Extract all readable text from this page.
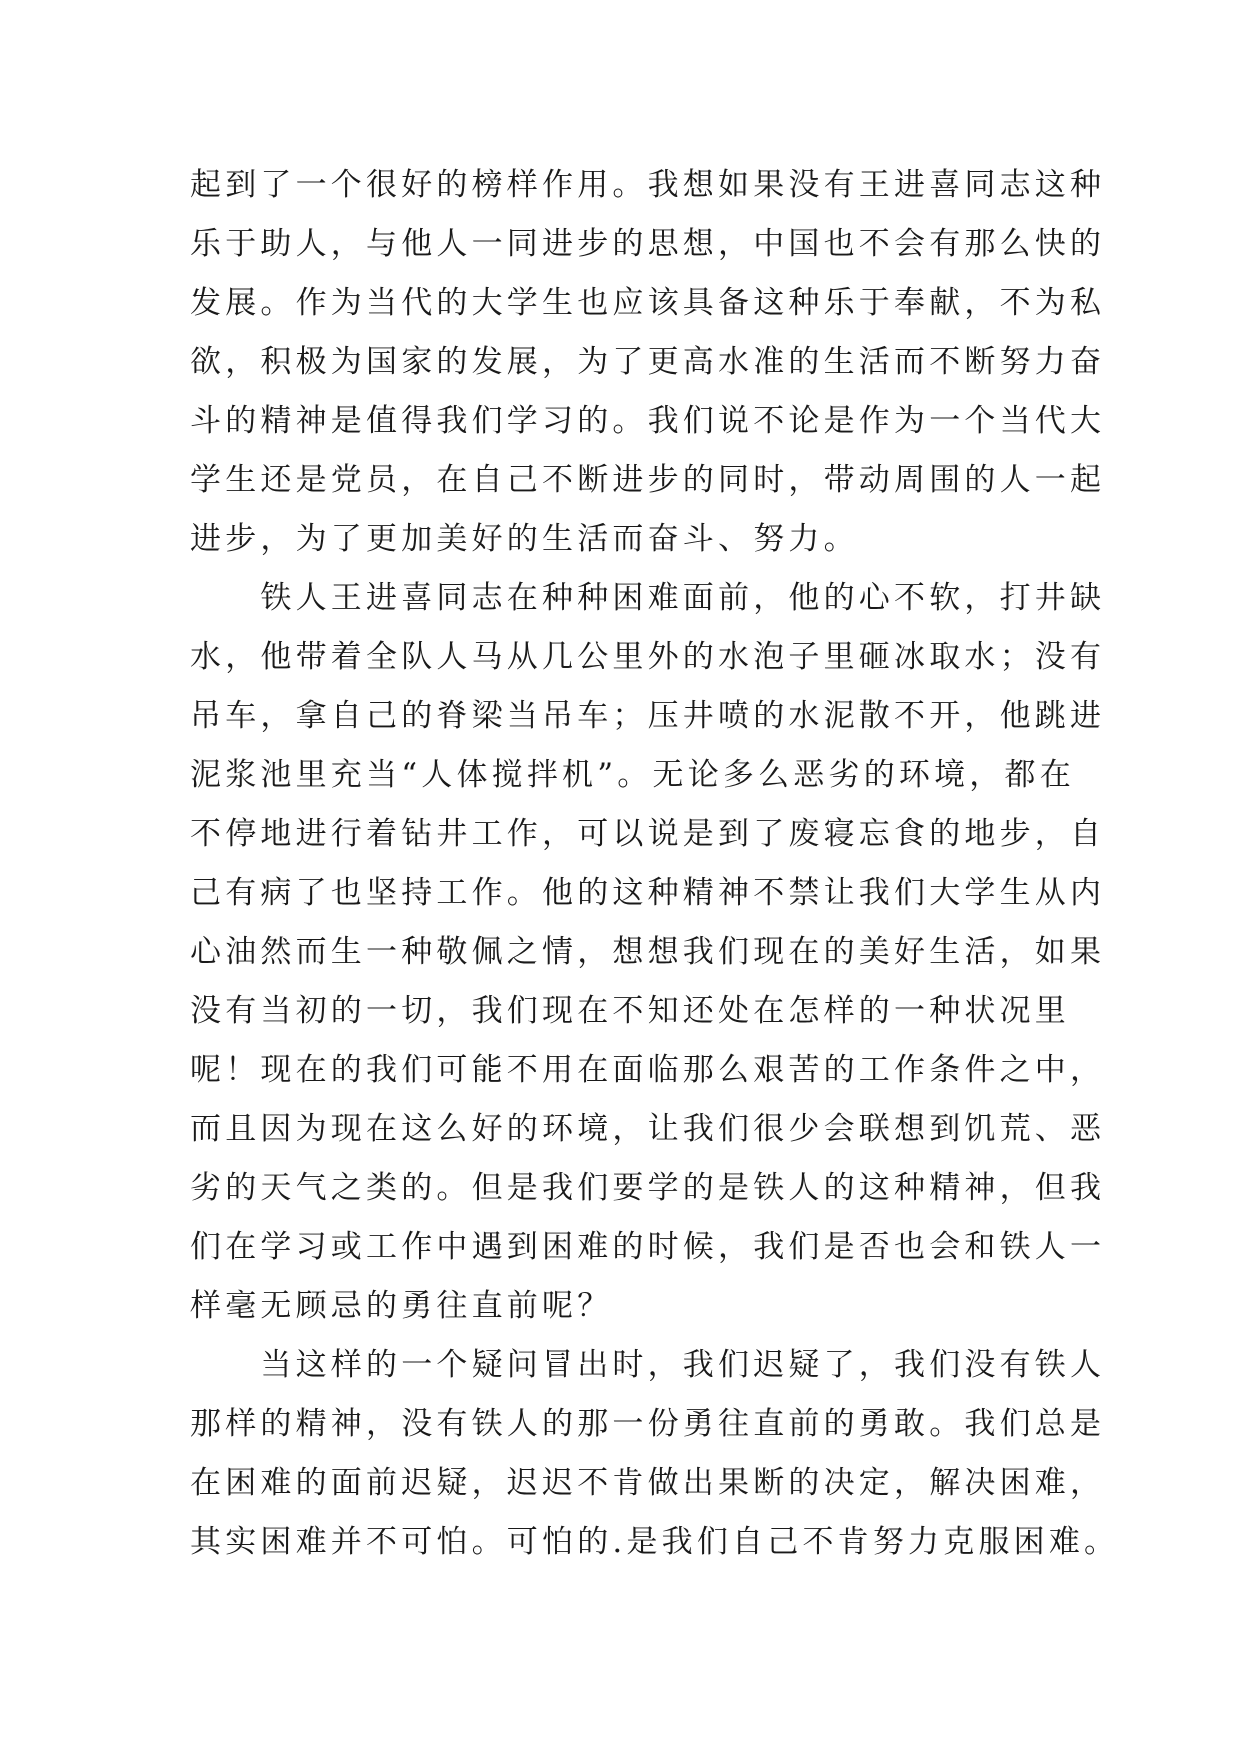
起到了一个很好的榜样作用。我想如果没有王进喜同志这种
乐于助人，与他人一同进步的思想，中国也不会有那么快的
发展。作为当代的大学生也应该具备这种乐于奉献，不为私
欲，积极为国家的发展，为了更高水准的生活而不断努力奋
斗的精神是值得我们学习的。我们说不论是作为一个当代大
学生还是党员，在自己不断进步的同时，带动周围的人一起
进步，为了更加美好的生活而奋斗、努力。
　　铁人王进喜同志在种种困难面前，他的心不软，打井缺
水，他带着全队人马从几公里外的水泡子里砸冰取水；没有
吊车，拿自己的脊梁当吊车；压井喷的水泥散不开，他跳进
泥浆池里充当“人体搅拌机”。无论多么恶劣的环境，都在
不停地进行着钻井工作，可以说是到了废寝忘食的地步，自
己有病了也坚持工作。他的这种精神不禁让我们大学生从内
心油然而生一种敬佩之情，想想我们现在的美好生活，如果
没有当初的一切，我们现在不知还处在怎样的一种状况里
呢！现在的我们可能不用在面临那么艰苦的工作条件之中，
而且因为现在这么好的环境，让我们很少会联想到饥荒、恶
劣的天气之类的。但是我们要学的是铁人的这种精神，但我
们在学习或工作中遇到困难的时候，我们是否也会和铁人一
样毫无顾忌的勇往直前呢？
　　当这样的一个疑问冒出时，我们迟疑了，我们没有铁人
那样的精神，没有铁人的那一份勇往直前的勇敢。我们总是
在困难的面前迟疑，迟迟不肯做出果断的决定，解决困难，
其实困难并不可怕。可怕的.是我们自己不肯努力克服困难。
